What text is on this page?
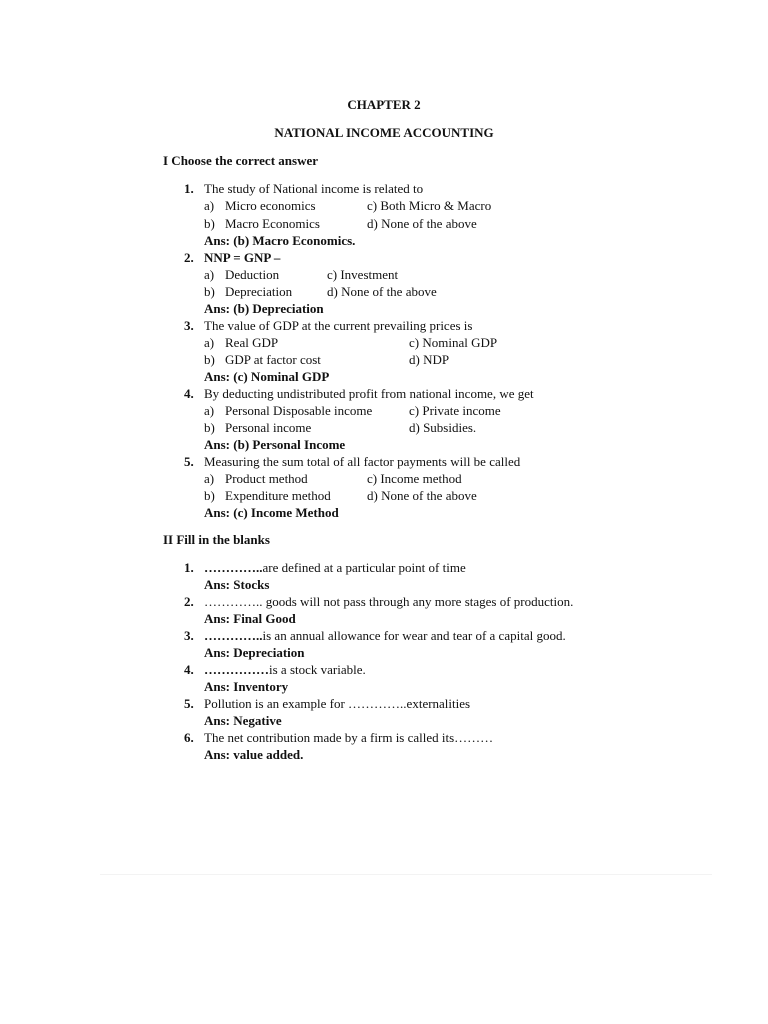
CHAPTER 2
NATIONAL INCOME ACCOUNTING
I Choose the correct answer
1. The study of National income is related to
a) Micro economics	c) Both Micro & Macro
b) Macro Economics	d) None of the above
Ans: (b) Macro Economics.
2. NNP = GNP –
a) Deduction	c) Investment
b) Depreciation	d) None of the above
Ans: (b) Depreciation
3. The value of GDP at the current prevailing prices is
a) Real GDP	c) Nominal GDP
b) GDP at factor cost	d) NDP
Ans: (c) Nominal GDP
4. By deducting undistributed profit from national income, we get
a) Personal Disposable income	c) Private income
b) Personal income	d) Subsidies.
Ans: (b) Personal Income
5. Measuring the sum total of all factor payments will be called
a) Product method	c) Income method
b) Expenditure method	d) None of the above
Ans: (c) Income Method
II Fill in the blanks
1. …………..are defined at a particular point of time
Ans: Stocks
2. ………….. goods will not pass through any more stages of production.
Ans: Final Good
3. …………..is an annual allowance for wear and tear of a capital good.
Ans: Depreciation
4. ……………is a stock variable.
Ans: Inventory
5. Pollution is an example for …………..externalities
Ans: Negative
6. The net contribution made by a firm is called its………
Ans: value added.
